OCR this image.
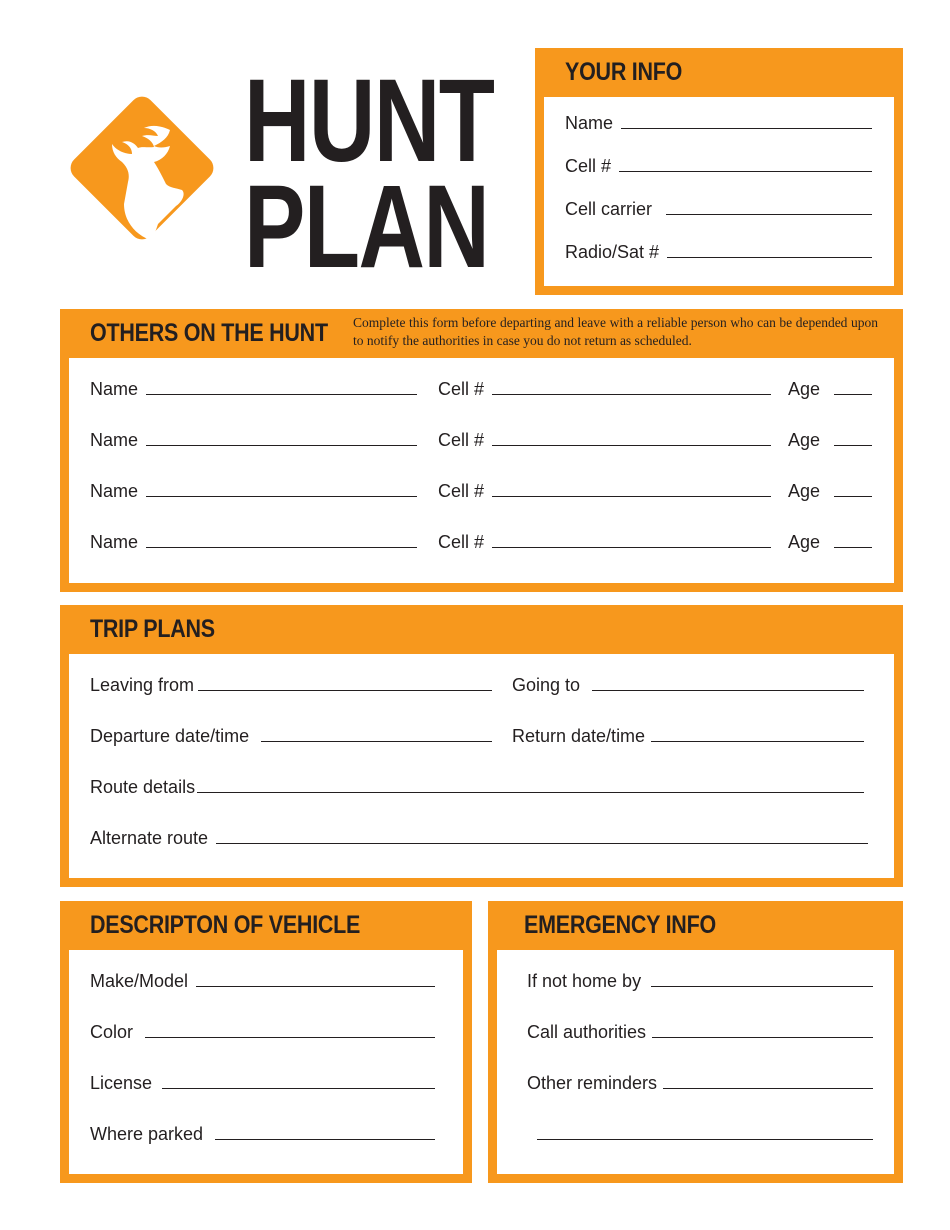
HUNT
PLAN
YOUR INFO
Name
Cell #
Cell carrier
Radio/Sat #
OTHERS ON THE HUNT Complete this form before departing and leave with a reliable person who can be depended upon to notify the authorities in case you do not return as scheduled.
Name	Cell #	Age
Name	Cell #	Age
Name	Cell #	Age
Name	Cell #	Age
TRIP PLANS
Leaving from	Going to
Departure date/time	Return date/time
Route details
Alternate route
DESCRIPTON OF VEHICLE
Make/Model
Color
License
Where parked
EMERGENCY INFO
If not home by
Call authorities
Other reminders
